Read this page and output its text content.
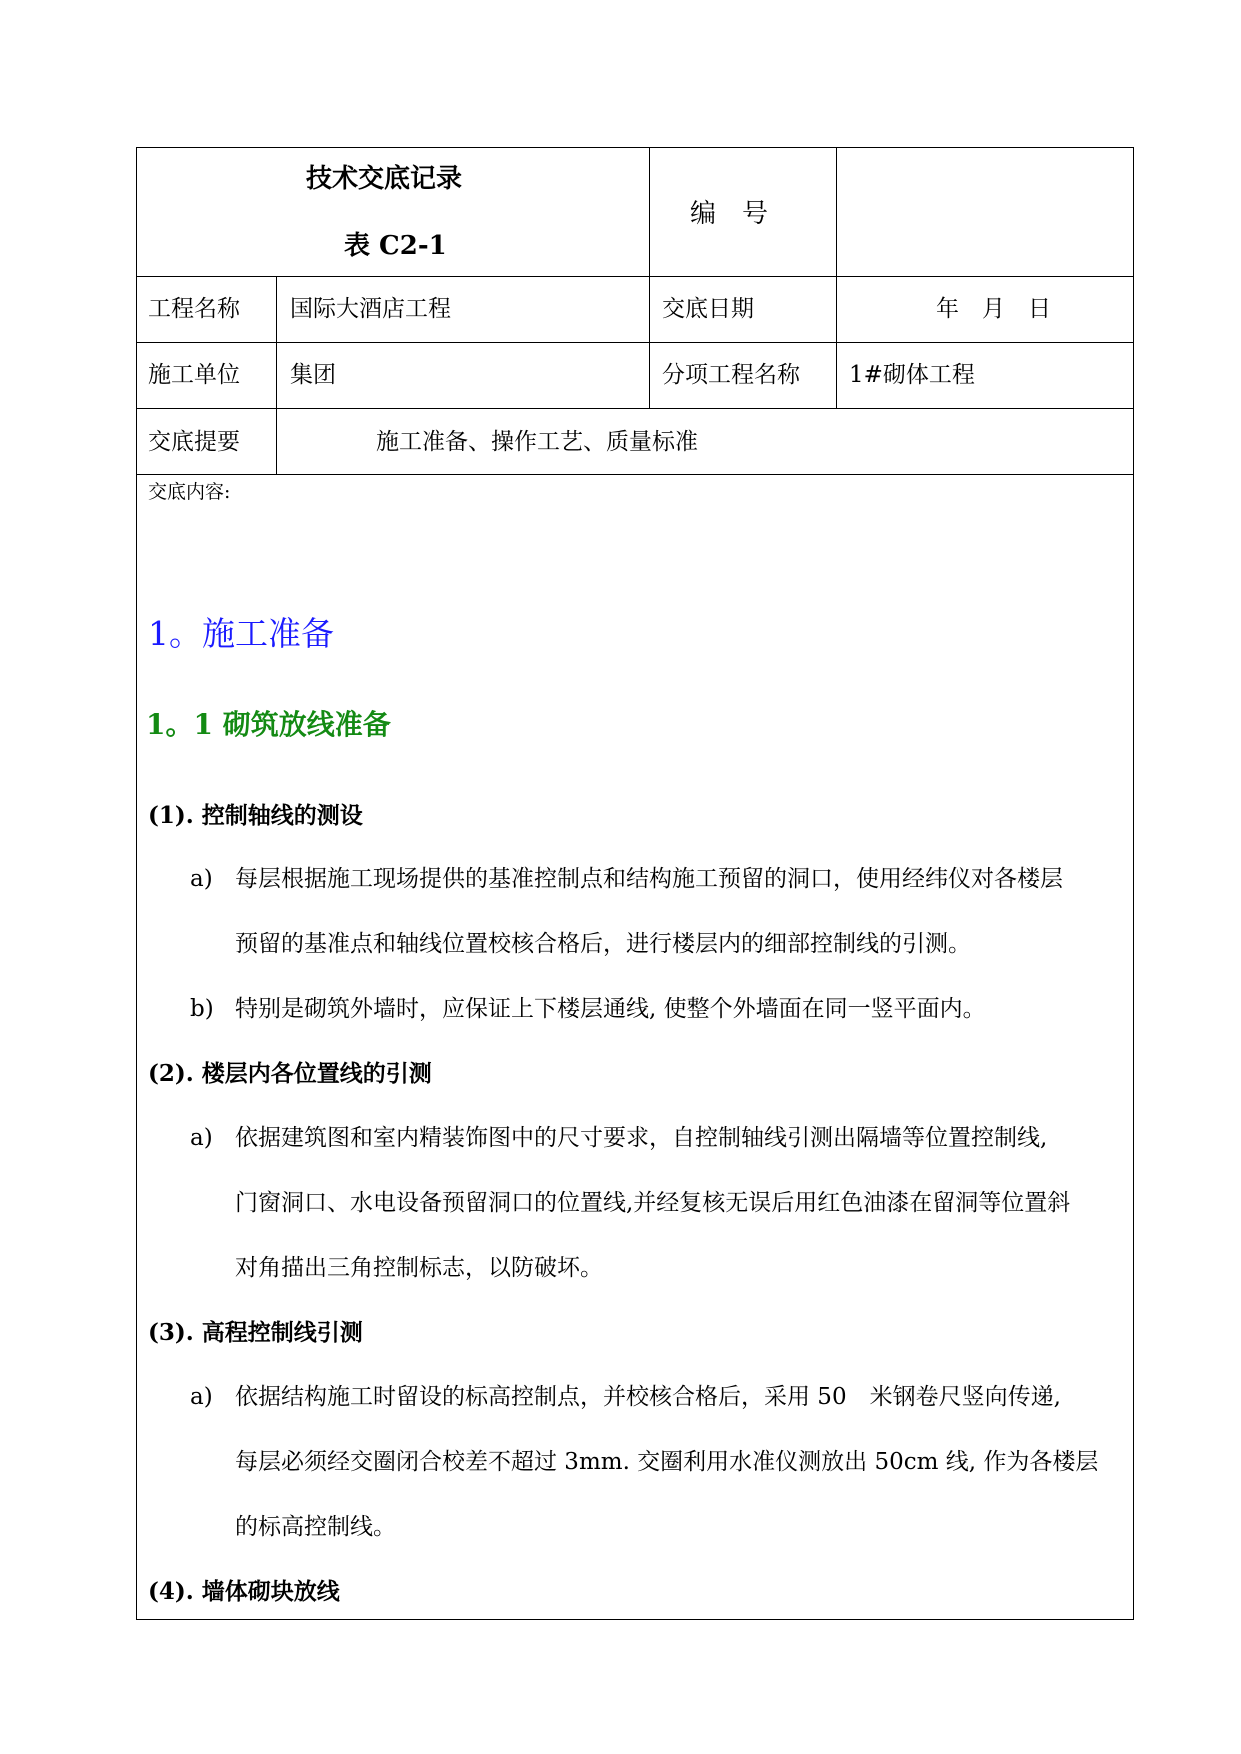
技术交底记录
表 C2-1
编　号
工程名称 国际大酒店工程	交底日期	年　月　日
施工单位 集团	分项工程名称 1#砌体工程
交底提要	施工准备、操作工艺、质量标准
交底内容:
1。施工准备
1。1 砌筑放线准备
(1). 控制轴线的测设
a) 每层根据施工现场提供的基准控制点和结构施工预留的洞口，使用经纬仪对各楼层
预留的基准点和轴线位置校核合格后，进行楼层内的细部控制线的引测。
b) 特别是砌筑外墙时，应保证上下楼层通线, 使整个外墙面在同一竖平面内。
(2). 楼层内各位置线的引测
a) 依据建筑图和室内精装饰图中的尺寸要求，自控制轴线引测出隔墙等位置控制线,
门窗洞口、水电设备预留洞口的位置线,并经复核无误后用红色油漆在留洞等位置斜
对角描出三角控制标志，以防破坏。
(3). 高程控制线引测
a) 依据结构施工时留设的标高控制点，并校核合格后，采用 50　米钢卷尺竖向传递,
每层必须经交圈闭合校差不超过 3mm. 交圈利用水准仪测放出 50cm 线, 作为各楼层
的标高控制线。
(4). 墙体砌块放线
